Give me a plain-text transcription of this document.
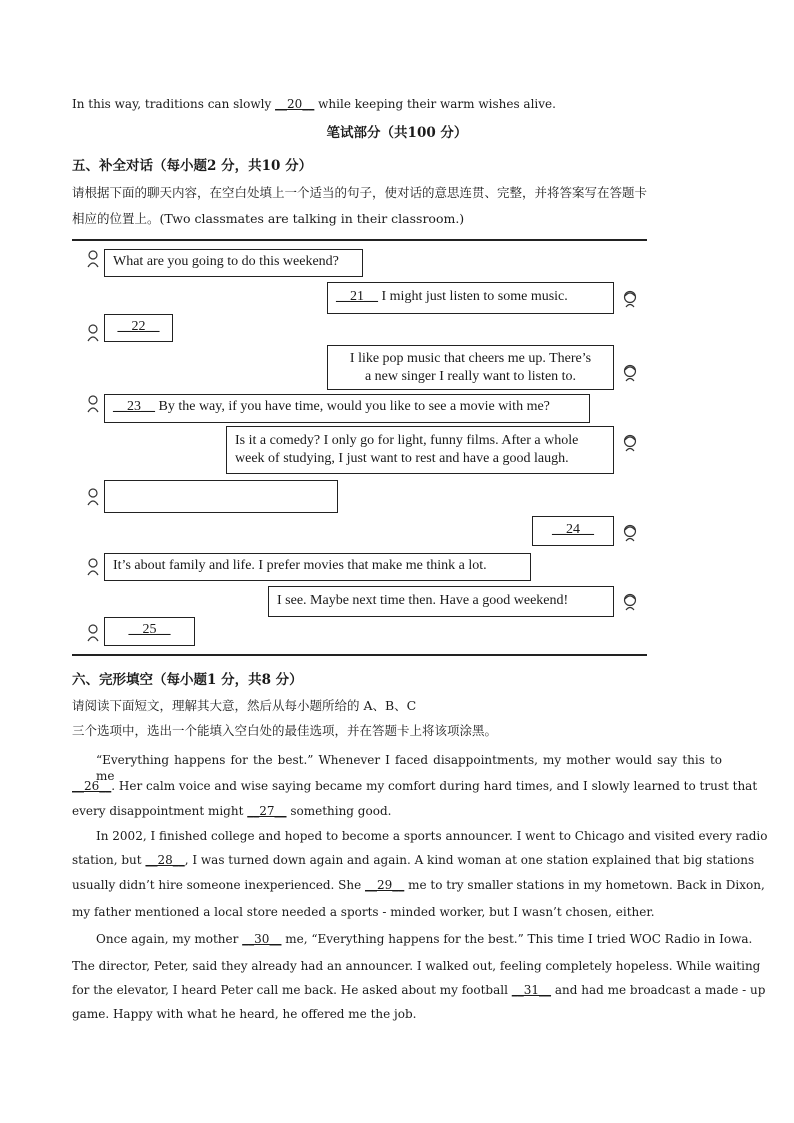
In this way, traditions can slowly __20__ while keeping their warm wishes alive.
笔试部分（共100 分）
五、补全对话（每小题2 分，共10 分）
请根据下面的聊天内容，在空白处填上一个适当的句子，使对话的意思连贯、完整，并将答案写在答题卡
相应的位置上。(Two classmates are talking in their classroom.)
What are you going to do this weekend?
__21__ I might just listen to some music.
__22__
I like pop music that cheers me up. There’s
a new singer I really want to listen to.
__23__ By the way, if you have time, would you like to see a movie with me?
Is it a comedy? I only go for light, funny films. After a whole
week of studying, I just want to rest and have a good laugh.
__24__
It’s about family and life. I prefer movies that make me think a lot.
I see. Maybe next time then. Have a good weekend!
__25__
六、完形填空（每小题1 分，共8 分）
请阅读下面短文，理解其大意，然后从每小题所给的 A、B、C
三个选项中，选出一个能填入空白处的最佳选项，并在答题卡上将该项涂黑。
“Everything happens for the best.” Whenever I faced disappointments, my mother would say this to me
__26__. Her calm voice and wise saying became my comfort during hard times, and I slowly learned to trust that
every disappointment might __27__ something good.
In 2002, I finished college and hoped to become a sports announcer. I went to Chicago and visited every radio
station, but __28__, I was turned down again and again. A kind woman at one station explained that big stations
usually didn’t hire someone inexperienced. She __29__ me to try smaller stations in my hometown. Back in Dixon,
my father mentioned a local store needed a sports - minded worker, but I wasn’t chosen, either.
Once again, my mother __30__ me, “Everything happens for the best.” This time I tried WOC Radio in Iowa.
The director, Peter, said they already had an announcer. I walked out, feeling completely hopeless. While waiting
for the elevator, I heard Peter call me back. He asked about my football __31__ and had me broadcast a made - up
game. Happy with what he heard, he offered me the job.
